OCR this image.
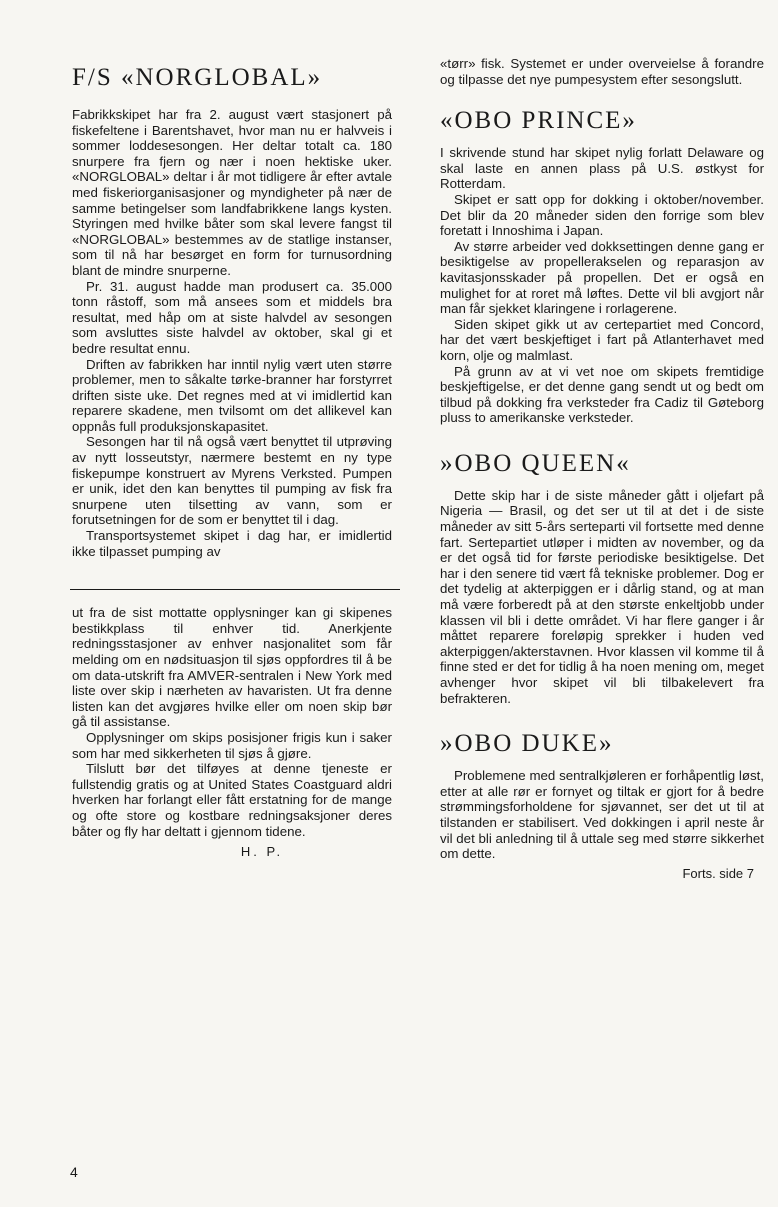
F/S «NORGLOBAL»

Fabrikkskipet har fra 2. august vært stasjonert på fiskefeltene i Barentshavet, hvor man nu er halvveis i sommer loddesesongen. Her deltar totalt ca. 180 snurpere fra fjern og nær i noen hektiske uker. «NORGLOBAL» deltar i år mot tidligere år efter avtale med fiskeriorganisasjoner og myndigheter på nær de samme betingelser som landfabrikkene langs kysten. Styringen med hvilke båter som skal levere fangst til «NORGLOBAL» bestemmes av de statlige instanser, som til nå har besørget en form for turnusordning blant de mindre snurperne.

Pr. 31. august hadde man produsert ca. 35.000 tonn råstoff, som må ansees som et middels bra resultat, med håp om at siste halvdel av sesongen som avsluttes siste halvdel av oktober, skal gi et bedre resultat ennu.

Driften av fabrikken har inntil nylig vært uten større problemer, men to såkalte tørke-branner har forstyrret driften siste uke. Det regnes med at vi imidlertid kan reparere skadene, men tvilsomt om det allikevel kan oppnås full produksjonskapasitet.

Sesongen har til nå også vært benyttet til utprøving av nytt losseutstyr, nærmere bestemt en ny type fiskepumpe konstruert av Myrens Verksted. Pumpen er unik, idet den kan benyttes til pumping av fisk fra snurpene uten tilsetting av vann, som er forutsetningen for de som er benyttet til i dag.

Transportsystemet skipet i dag har, er imidlertid ikke tilpasset pumping av

ut fra de sist mottatte opplysninger kan gi skipenes bestikkplass til enhver tid. Anerkjente redningsstasjoner av enhver nasjonalitet som får melding om en nødsituasjon til sjøs oppfordres til å be om data-utskrift fra AMVER-sentralen i New York med liste over skip i nærheten av havaristen. Ut fra denne listen kan det avgjøres hvilke eller om noen skip bør gå til assistanse.

Opplysninger om skips posisjoner frigis kun i saker som har med sikkerheten til sjøs å gjøre.

Tilslutt bør det tilføyes at denne tjeneste er fullstendig gratis og at United States Coastguard aldri hverken har forlangt eller fått erstatning for de mange og ofte store og kostbare redningsaksjoner deres båter og fly har deltatt i gjennom tidene.

H. P.

«tørr» fisk. Systemet er under overveielse å forandre og tilpasse det nye pumpesystem efter sesongslutt.

«OBO PRINCE»

I skrivende stund har skipet nylig forlatt Delaware og skal laste en annen plass på U.S. østkyst for Rotterdam.

Skipet er satt opp for dokking i oktober/november. Det blir da 20 måneder siden den forrige som blev foretatt i Innoshima i Japan.

Av større arbeider ved dokksettingen denne gang er besiktigelse av propellerakselen og reparasjon av kavitasjonsskader på propellen. Det er også en mulighet for at roret må løftes. Dette vil bli avgjort når man får sjekket klaringene i rorlagerene.

Siden skipet gikk ut av certepartiet med Concord, har det vært beskjeftiget i fart på Atlanterhavet med korn, olje og malmlast.

På grunn av at vi vet noe om skipets fremtidige beskjeftigelse, er det denne gang sendt ut og bedt om tilbud på dokking fra verksteder fra Cadiz til Gøteborg pluss to amerikanske verksteder.

»OBO QUEEN«

Dette skip har i de siste måneder gått i oljefart på Nigeria — Brasil, og det ser ut til at det i de siste måneder av sitt 5-års serteparti vil fortsette med denne fart. Sertepartiet utløper i midten av november, og da er det også tid for første periodiske besiktigelse. Det har i den senere tid vært få tekniske problemer. Dog er det tydelig at akterpiggen er i dårlig stand, og at man må være forberedt på at den største enkeltjobb under klassen vil bli i dette området. Vi har flere ganger i år måttet reparere foreløpig sprekker i huden ved akterpiggen/akterstavnen. Hvor klassen vil komme til å finne sted er det for tidlig å ha noen mening om, meget avhenger hvor skipet vil bli tilbakelevert fra befrakteren.

»OBO DUKE»

Problemene med sentralkjøleren er forhåpentlig løst, etter at alle rør er fornyet og tiltak er gjort for å bedre strømmingsforholdene for sjøvannet, ser det ut til at tilstanden er stabilisert. Ved dokkingen i april neste år vil det bli anledning til å uttale seg med større sikkerhet om dette.

Forts. side 7
4
